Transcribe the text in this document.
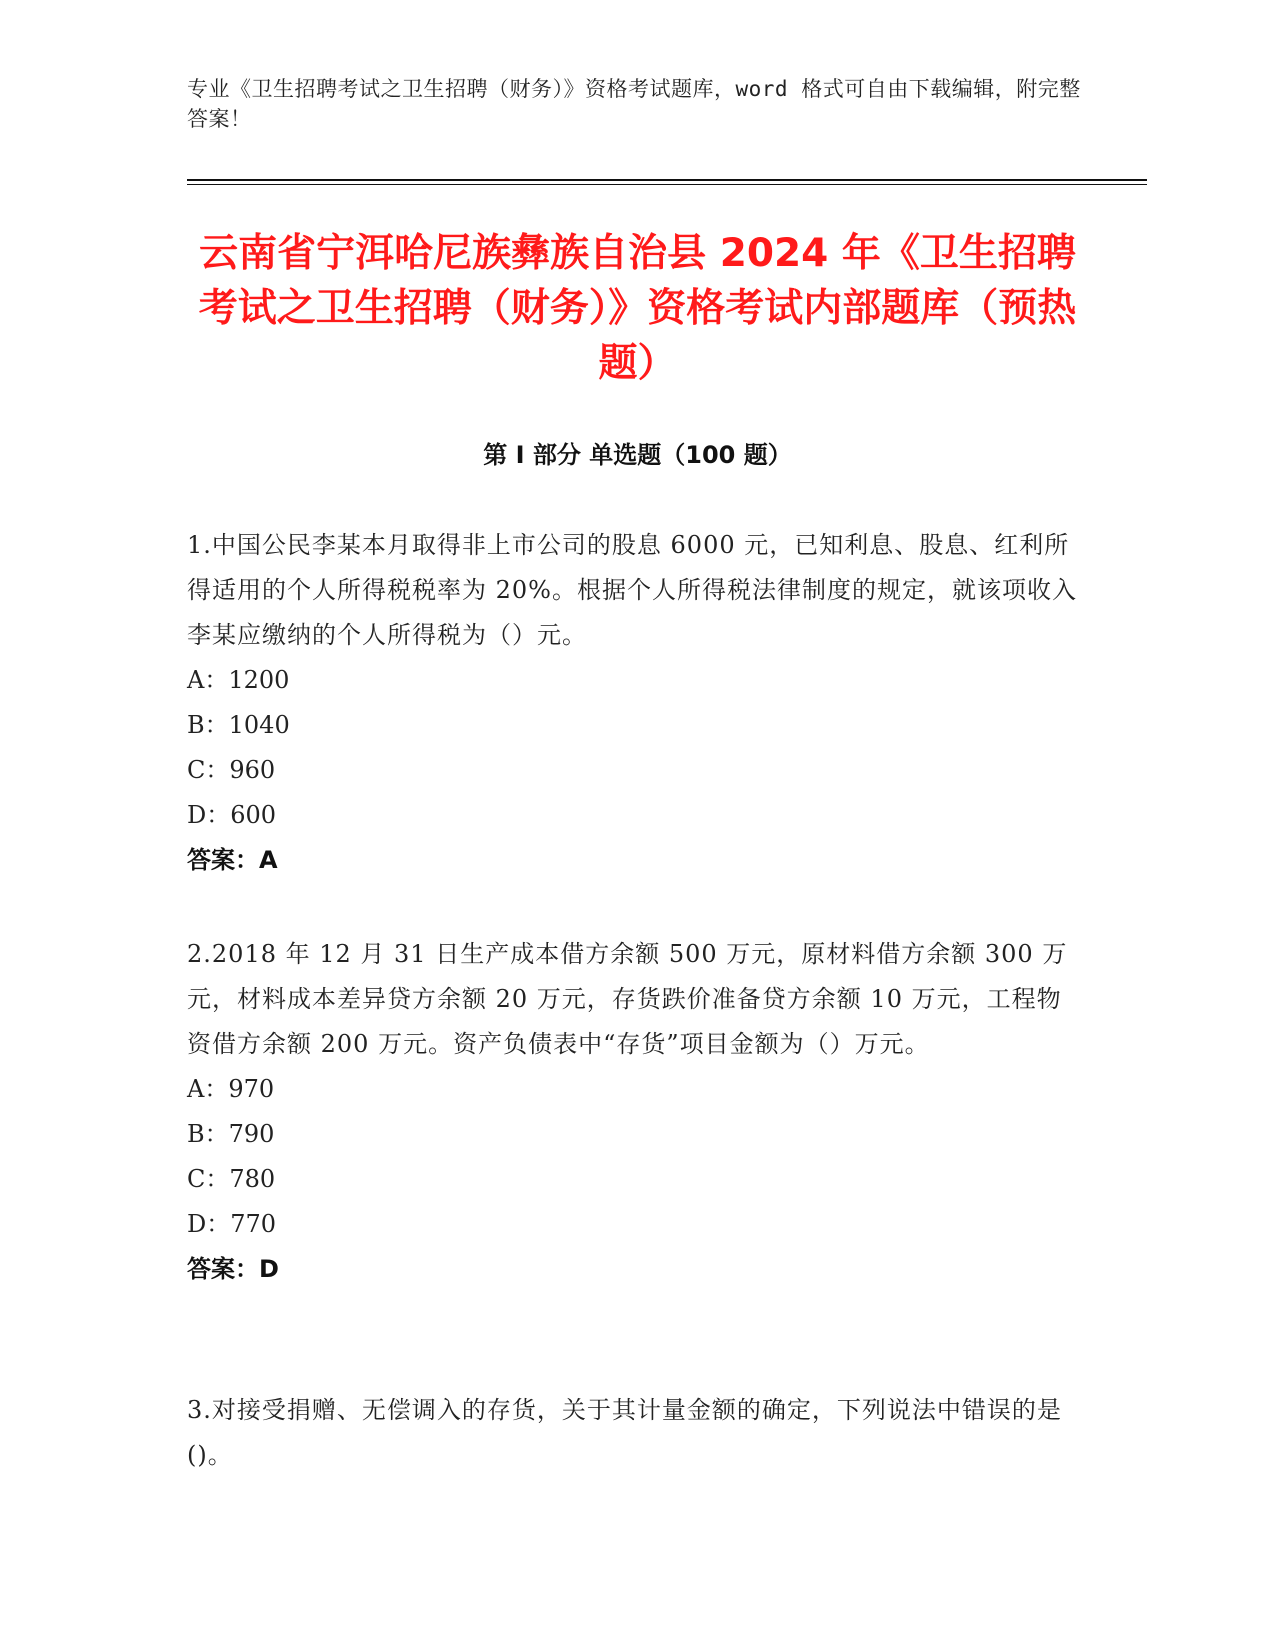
专业《卫生招聘考试之卫生招聘（财务）》资格考试题库，word 格式可自由下载编辑，附完整答案！
云南省宁洱哈尼族彝族自治县 2024 年《卫生招聘考试之卫生招聘（财务）》资格考试内部题库（预热题）
第 I 部分 单选题（100 题）
1.中国公民李某本月取得非上市公司的股息 6000 元，已知利息、股息、红利所得适用的个人所得税税率为 20%。根据个人所得税法律制度的规定，就该项收入李某应缴纳的个人所得税为（）元。
A：1200
B：1040
C：960
D：600
答案：A
2.2018 年 12 月 31 日生产成本借方余额 500 万元，原材料借方余额 300 万元，材料成本差异贷方余额 20 万元，存货跌价准备贷方余额 10 万元，工程物资借方余额 200 万元。资产负债表中“存货”项目金额为（）万元。
A：970
B：790
C：780
D：770
答案：D
3.对接受捐赠、无偿调入的存货，关于其计量金额的确定，下列说法中错误的是()。
